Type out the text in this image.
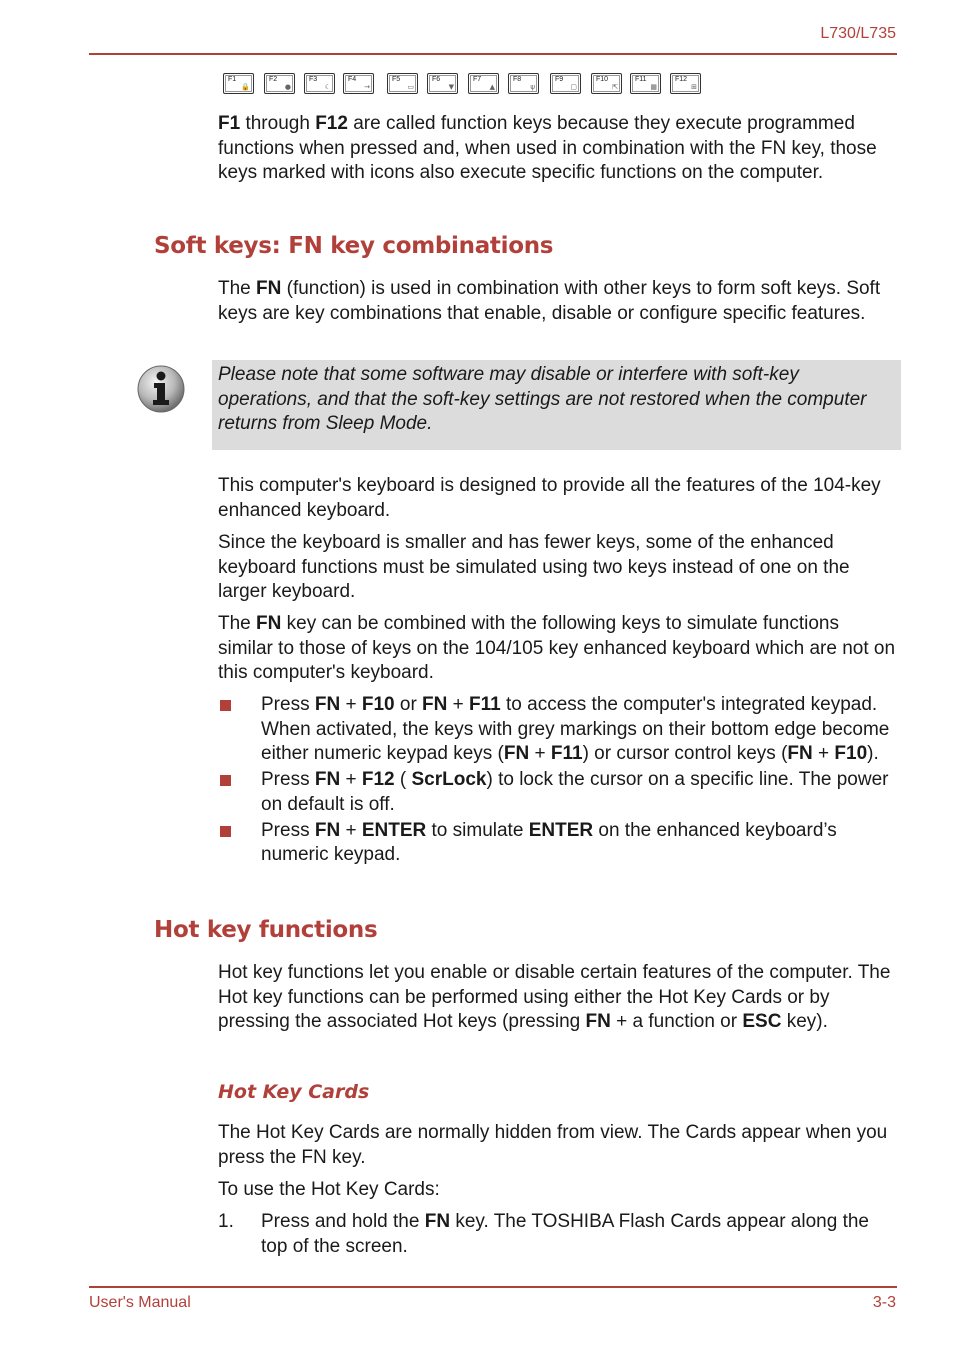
L730/L735
F1
🔒
F2
●
F3
☾
F4
→
F5
▭
F6
▼
F7
▲
F8
ψ
F9
▢
F10
⇱
F11
▦
F12
⊞

F1 through F12 are called function keys because they execute programmed functions when pressed and, when used in combination with the FN key, those keys marked with icons also execute specific functions on the computer.

Soft keys: FN key combinations

The FN (function) is used in combination with other keys to form soft keys. Soft keys are key combinations that enable, disable or configure specific features.

Please note that some software may disable or interfere with soft-key operations, and that the soft-key settings are not restored when the computer returns from Sleep Mode.

This computer's keyboard is designed to provide all the features of the 104-key enhanced keyboard.

Since the keyboard is smaller and has fewer keys, some of the enhanced keyboard functions must be simulated using two keys instead of one on the larger keyboard.

The FN key can be combined with the following keys to simulate functions similar to those of keys on the 104/105 key enhanced keyboard which are not on this computer's keyboard.

Press FN + F10 or FN + F11 to access the computer's integrated keypad. When activated, the keys with grey markings on their bottom edge become either numeric keypad keys (FN + F11) or cursor control keys (FN + F10).
Press FN + F12 ( ScrLock) to lock the cursor on a specific line. The power on default is off.
Press FN + ENTER to simulate ENTER on the enhanced keyboard’s numeric keypad.
Hot key functions

Hot key functions let you enable or disable certain features of the computer. The Hot key functions can be performed using either the Hot Key Cards or by pressing the associated Hot keys (pressing FN + a function or ESC key).

Hot Key Cards

The Hot Key Cards are normally hidden from view. The Cards appear when you press the FN key.

To use the Hot Key Cards:

1. Press and hold the FN key. The TOSHIBA Flash Cards appear along the top of the screen.
User's Manual	3-3
